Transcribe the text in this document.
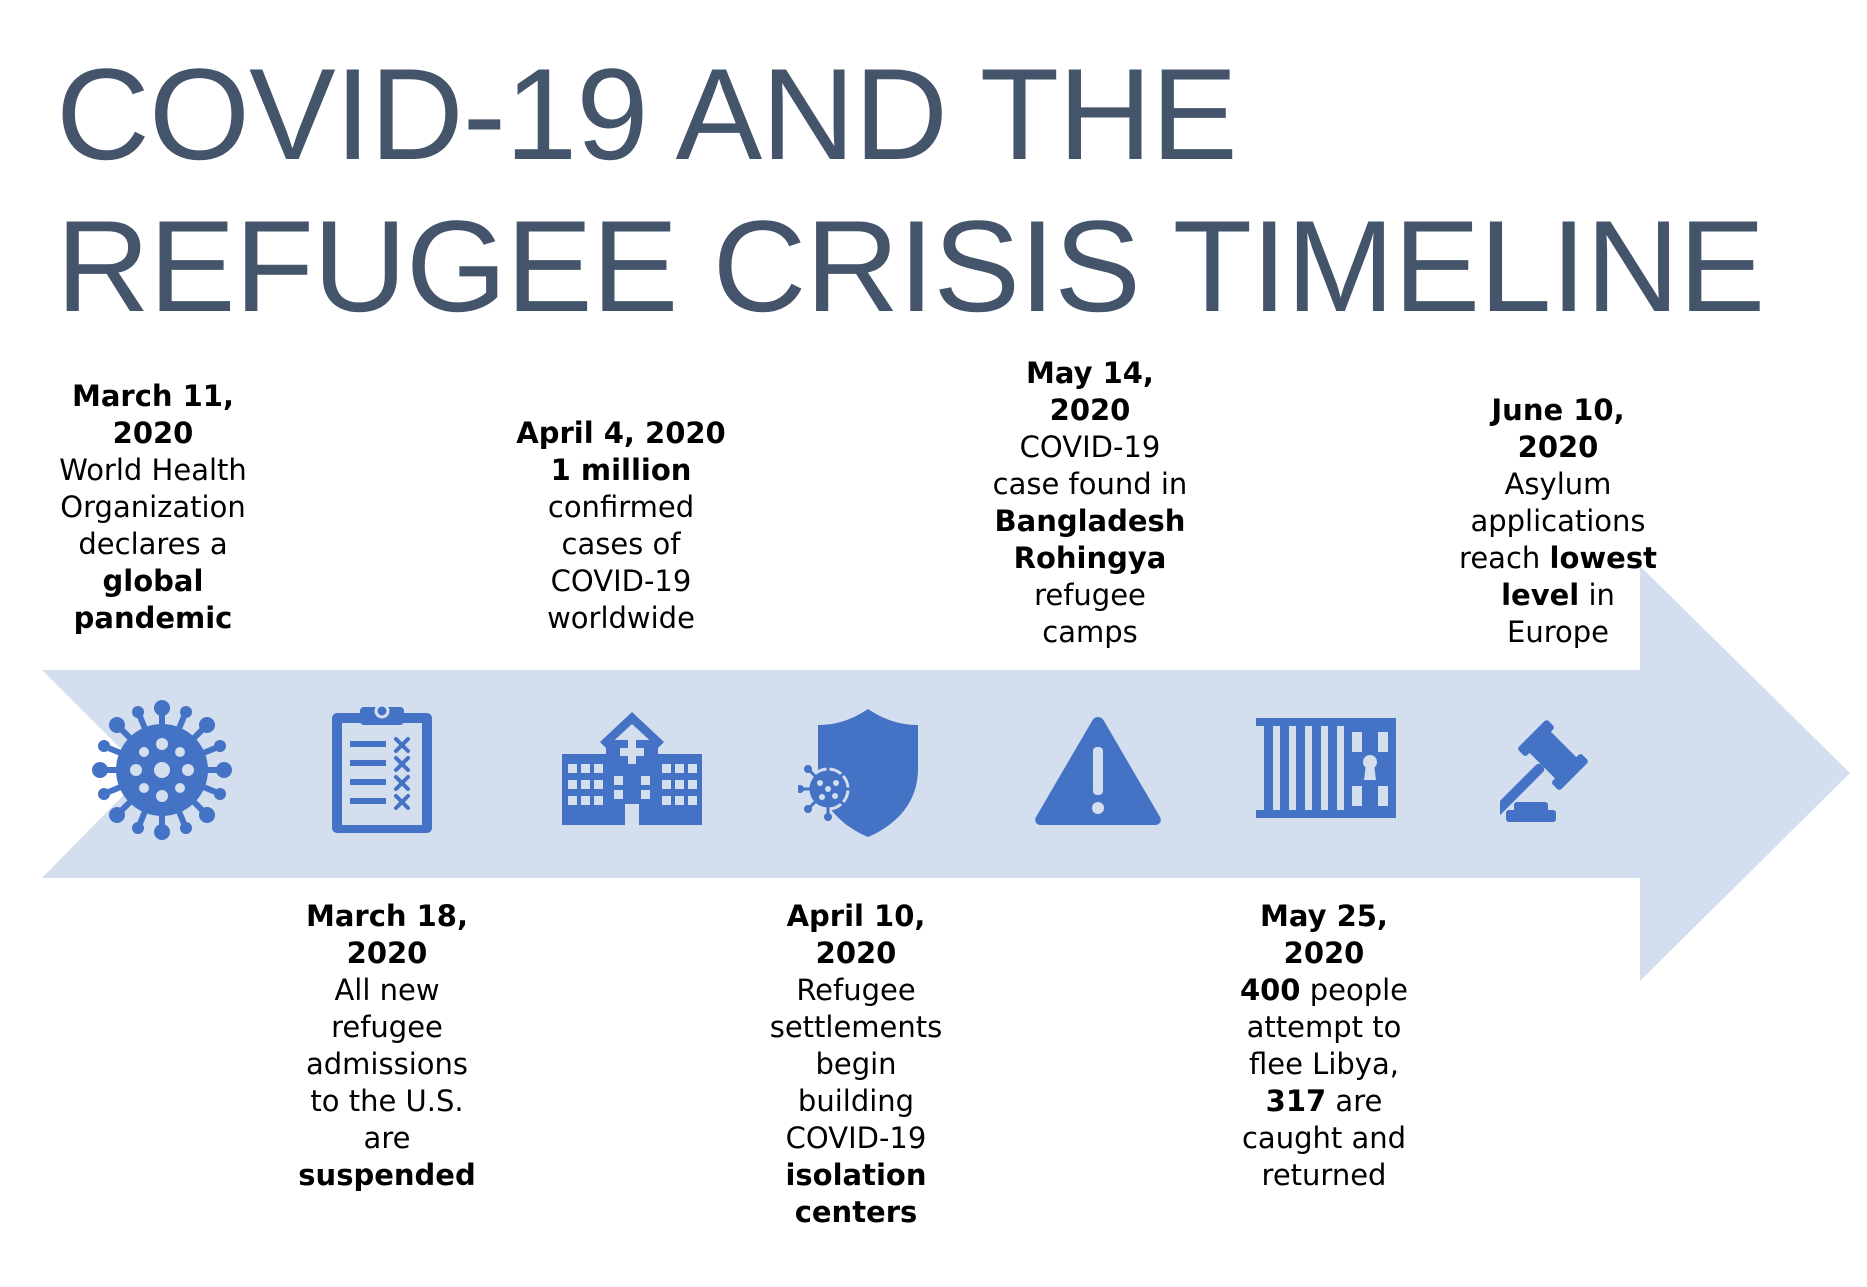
COVID-19 AND THE
REFUGEE CRISIS TIMELINE
March 11,
2020
World Health
Organization
declares a
global
pandemic
March 18,
2020
All new
refugee
admissions
to the U.S.
are
suspended
April 4, 2020
1 million
confirmed
cases of
COVID-19
worldwide
April 10,
2020
Refugee
settlements
begin
building
COVID-19
isolation
centers
May 14,
2020
COVID-19
case found in
Bangladesh
Rohingya
refugee
camps
May 25,
2020
400 people
attempt to
flee Libya,
317 are
caught and
returned
June 10,
2020
Asylum
applications
reach lowest
level in
Europe
